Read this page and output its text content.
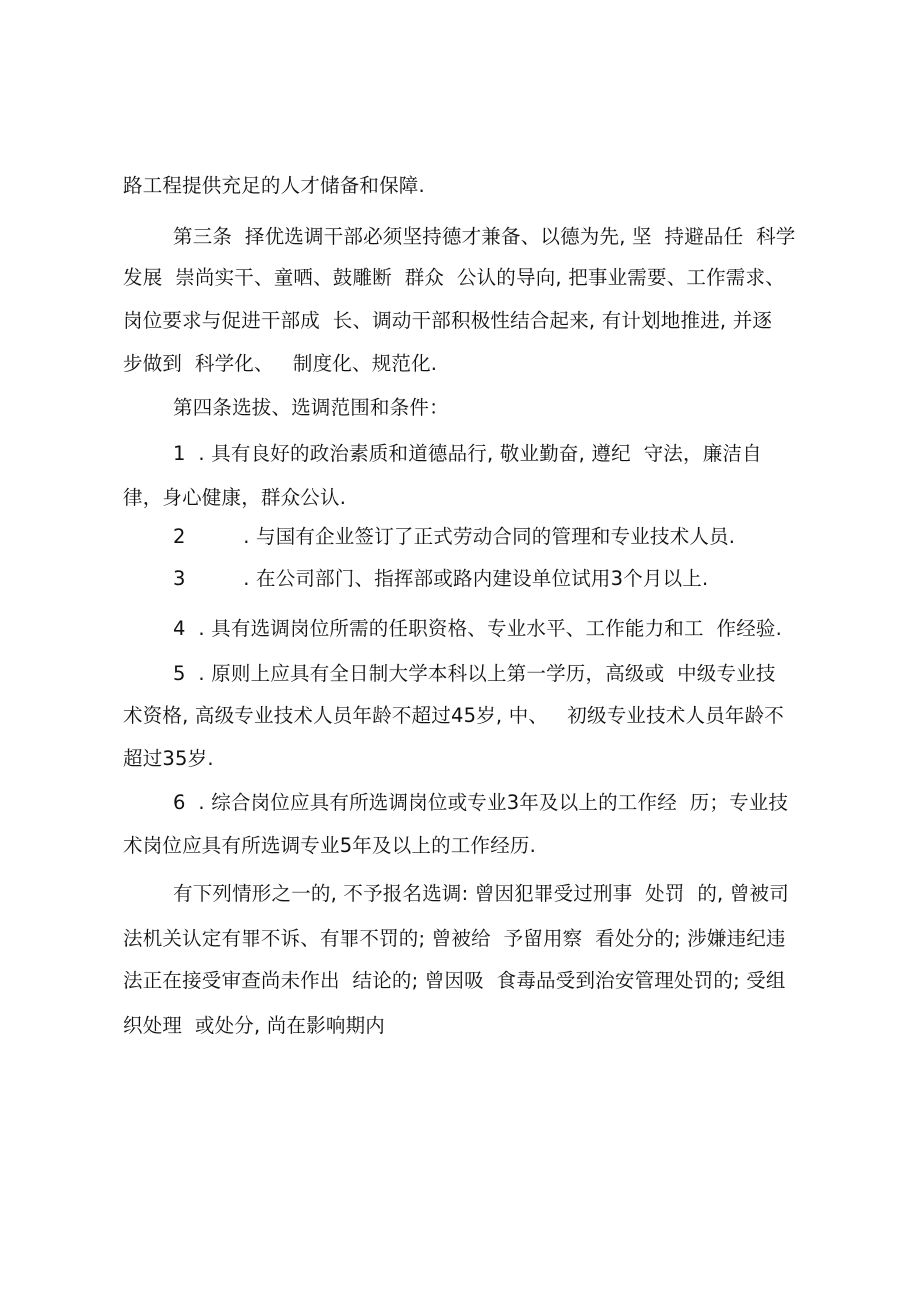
路工程提供充足的人才储备和保障.
第三条  择优选调干部必须坚持德才兼备、以德为先, 坚  持避品任  科学
发展  崇尚实干、童哂、鼓雕断  群众  公认的导向, 把事业需要、工作需求、
岗位要求与促进干部成  长、调动干部积极性结合起来, 有计划地推进, 并逐
步做到  科学化、   制度化、规范化.
第四条选拔、选调范围和条件：
1  . 具有良好的政治素质和道德品行, 敬业勤奋, 遵纪  守法，廉洁自
律，身心健康，群众公认.
2         . 与国有企业签订了正式劳动合同的管理和专业技术人员.
3         . 在公司部门、指挥部或路内建设单位试用3个月以上.
4  . 具有选调岗位所需的任职资格、专业水平、工作能力和工  作经验.
5  . 原则上应具有全日制大学本科以上第一学历，高级或  中级专业技
术资格, 高级专业技术人员年龄不超过45岁, 中、   初级专业技术人员年龄不
超过35岁.
6  . 综合岗位应具有所选调岗位或专业3年及以上的工作经  历；专业技
术岗位应具有所选调专业5年及以上的工作经历.
有下列情形之一的, 不予报名选调: 曾因犯罪受过刑事  处罚  的, 曾被司
法机关认定有罪不诉、有罪不罚的; 曾被给  予留用察  看处分的; 涉嫌违纪违
法正在接受审查尚未作出  结论的; 曾因吸  食毒品受到治安管理处罚的; 受组
织处理  或处分, 尚在影响期内
